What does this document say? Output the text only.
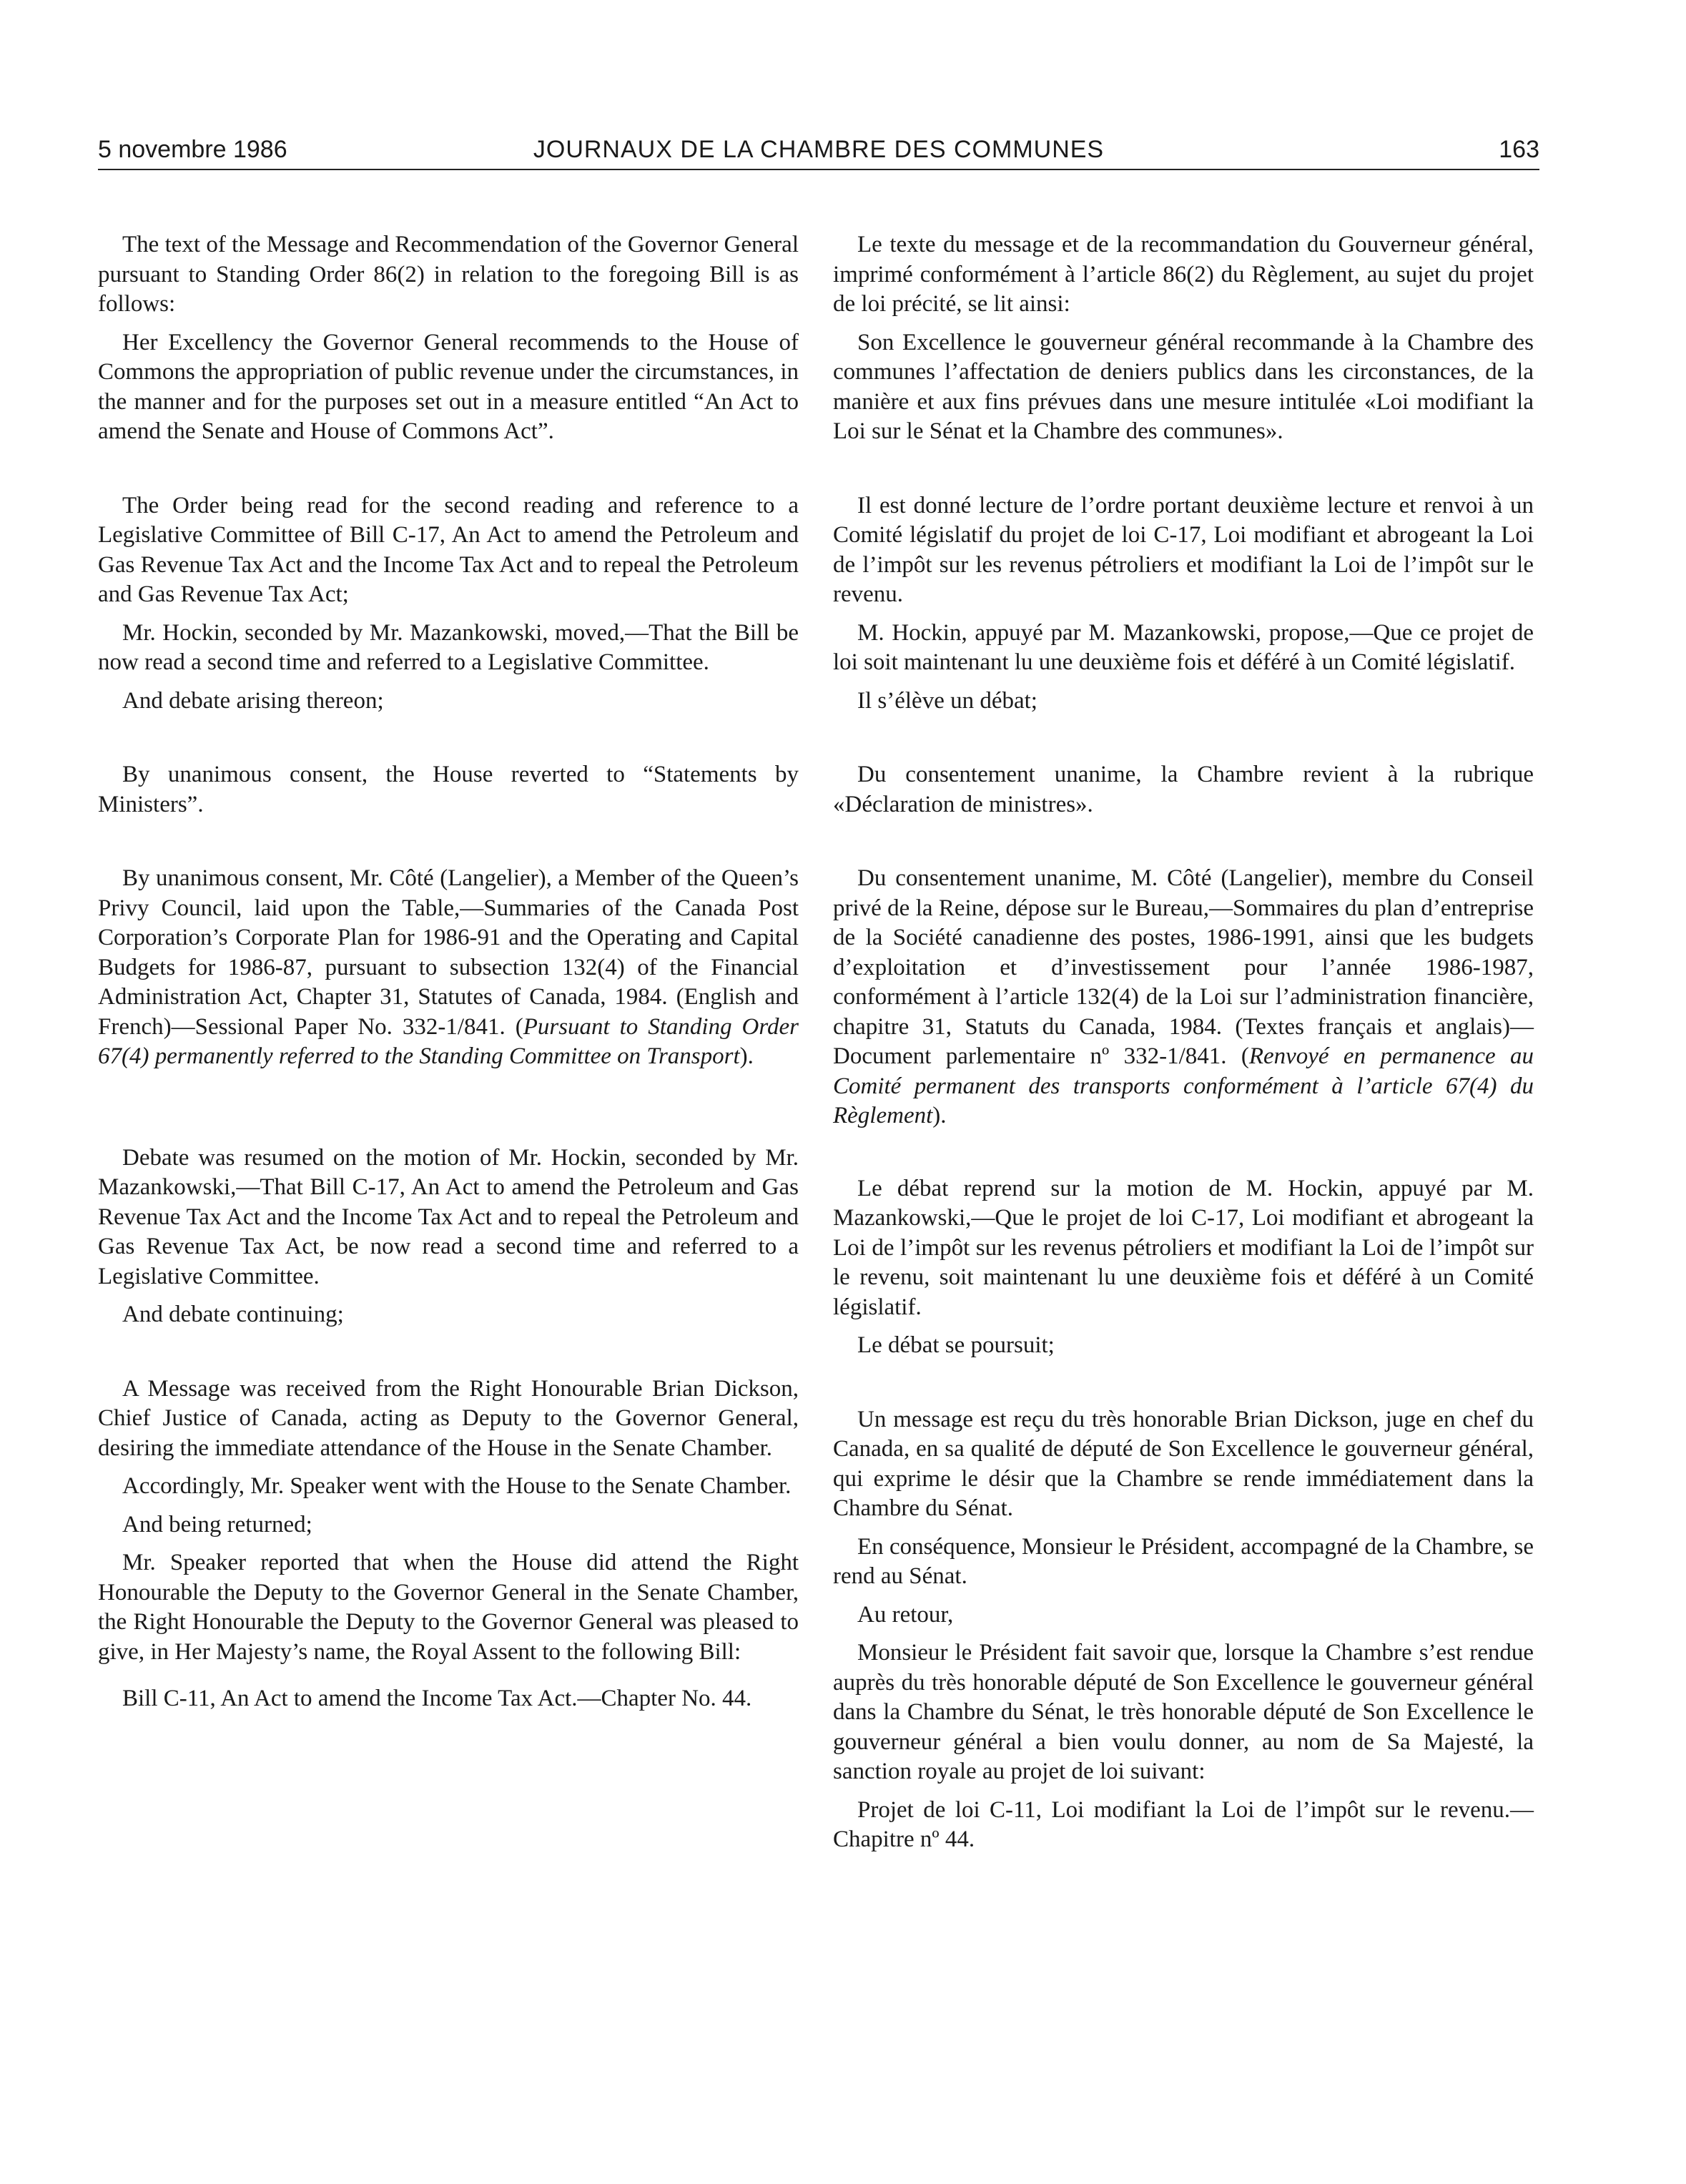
5 novembre 1986	JOURNAUX DE LA CHAMBRE DES COMMUNES	163

The text of the Message and Recommendation of the Governor General pursuant to Standing Order 86(2) in relation to the foregoing Bill is as follows:

Her Excellency the Governor General recommends to the House of Commons the appropriation of public revenue under the circumstances, in the manner and for the purposes set out in a measure entitled “An Act to amend the Senate and House of Commons Act”.

The Order being read for the second reading and reference to a Legislative Committee of Bill C-17, An Act to amend the Petroleum and Gas Revenue Tax Act and the Income Tax Act and to repeal the Petroleum and Gas Revenue Tax Act;

Mr. Hockin, seconded by Mr. Mazankowski, moved,—That the Bill be now read a second time and referred to a Legislative Committee.

And debate arising thereon;

By unanimous consent, the House reverted to “Statements by Ministers”.

By unanimous consent, Mr. Côté (Langelier), a Member of the Queen’s Privy Council, laid upon the Table,—Summaries of the Canada Post Corporation’s Corporate Plan for 1986-91 and the Operating and Capital Budgets for 1986-87, pursuant to subsection 132(4) of the Financial Administration Act, Chapter 31, Statutes of Canada, 1984. (English and French)—Sessional Paper No. 332-1/841. (Pursuant to Standing Order 67(4) permanently referred to the Standing Committee on Transport).

Debate was resumed on the motion of Mr. Hockin, seconded by Mr. Mazankowski,—That Bill C-17, An Act to amend the Petroleum and Gas Revenue Tax Act and the Income Tax Act and to repeal the Petroleum and Gas Revenue Tax Act, be now read a second time and referred to a Legislative Committee.

And debate continuing;

A Message was received from the Right Honourable Brian Dickson, Chief Justice of Canada, acting as Deputy to the Governor General, desiring the immediate attendance of the House in the Senate Chamber.

Accordingly, Mr. Speaker went with the House to the Senate Chamber.

And being returned;

Mr. Speaker reported that when the House did attend the Right Honourable the Deputy to the Governor General in the Senate Chamber, the Right Honourable the Deputy to the Governor General was pleased to give, in Her Majesty’s name, the Royal Assent to the following Bill:

Bill C-11, An Act to amend the Income Tax Act.—Chapter No. 44.

Le texte du message et de la recommandation du Gouverneur général, imprimé conformément à l’article 86(2) du Règlement, au sujet du projet de loi précité, se lit ainsi:

Son Excellence le gouverneur général recommande à la Chambre des communes l’affectation de deniers publics dans les circonstances, de la manière et aux fins prévues dans une mesure intitulée «Loi modifiant la Loi sur le Sénat et la Chambre des communes».

Il est donné lecture de l’ordre portant deuxième lecture et renvoi à un Comité législatif du projet de loi C-17, Loi modifiant et abrogeant la Loi de l’impôt sur les revenus pétroliers et modifiant la Loi de l’impôt sur le revenu.

M. Hockin, appuyé par M. Mazankowski, propose,—Que ce projet de loi soit maintenant lu une deuxième fois et déféré à un Comité législatif.

Il s’élève un débat;

Du consentement unanime, la Chambre revient à la rubrique «Déclaration de ministres».

Du consentement unanime, M. Côté (Langelier), membre du Conseil privé de la Reine, dépose sur le Bureau,—Sommaires du plan d’entreprise de la Société canadienne des postes, 1986-1991, ainsi que les budgets d’exploitation et d’investissement pour l’année 1986-1987, conformément à l’article 132(4) de la Loi sur l’administration financière, chapitre 31, Statuts du Canada, 1984. (Textes français et anglais)—Document parlementaire nº 332-1/841. (Renvoyé en permanence au Comité permanent des transports conformément à l’article 67(4) du Règlement).

Le débat reprend sur la motion de M. Hockin, appuyé par M. Mazankowski,—Que le projet de loi C-17, Loi modifiant et abrogeant la Loi de l’impôt sur les revenus pétroliers et modifiant la Loi de l’impôt sur le revenu, soit maintenant lu une deuxième fois et déféré à un Comité législatif.

Le débat se poursuit;

Un message est reçu du très honorable Brian Dickson, juge en chef du Canada, en sa qualité de député de Son Excellence le gouverneur général, qui exprime le désir que la Chambre se rende immédiatement dans la Chambre du Sénat.

En conséquence, Monsieur le Président, accompagné de la Chambre, se rend au Sénat.

Au retour,

Monsieur le Président fait savoir que, lorsque la Chambre s’est rendue auprès du très honorable député de Son Excellence le gouverneur général dans la Chambre du Sénat, le très honorable député de Son Excellence le gouverneur général a bien voulu donner, au nom de Sa Majesté, la sanction royale au projet de loi suivant:

Projet de loi C-11, Loi modifiant la Loi de l’impôt sur le revenu.—Chapitre nº 44.
